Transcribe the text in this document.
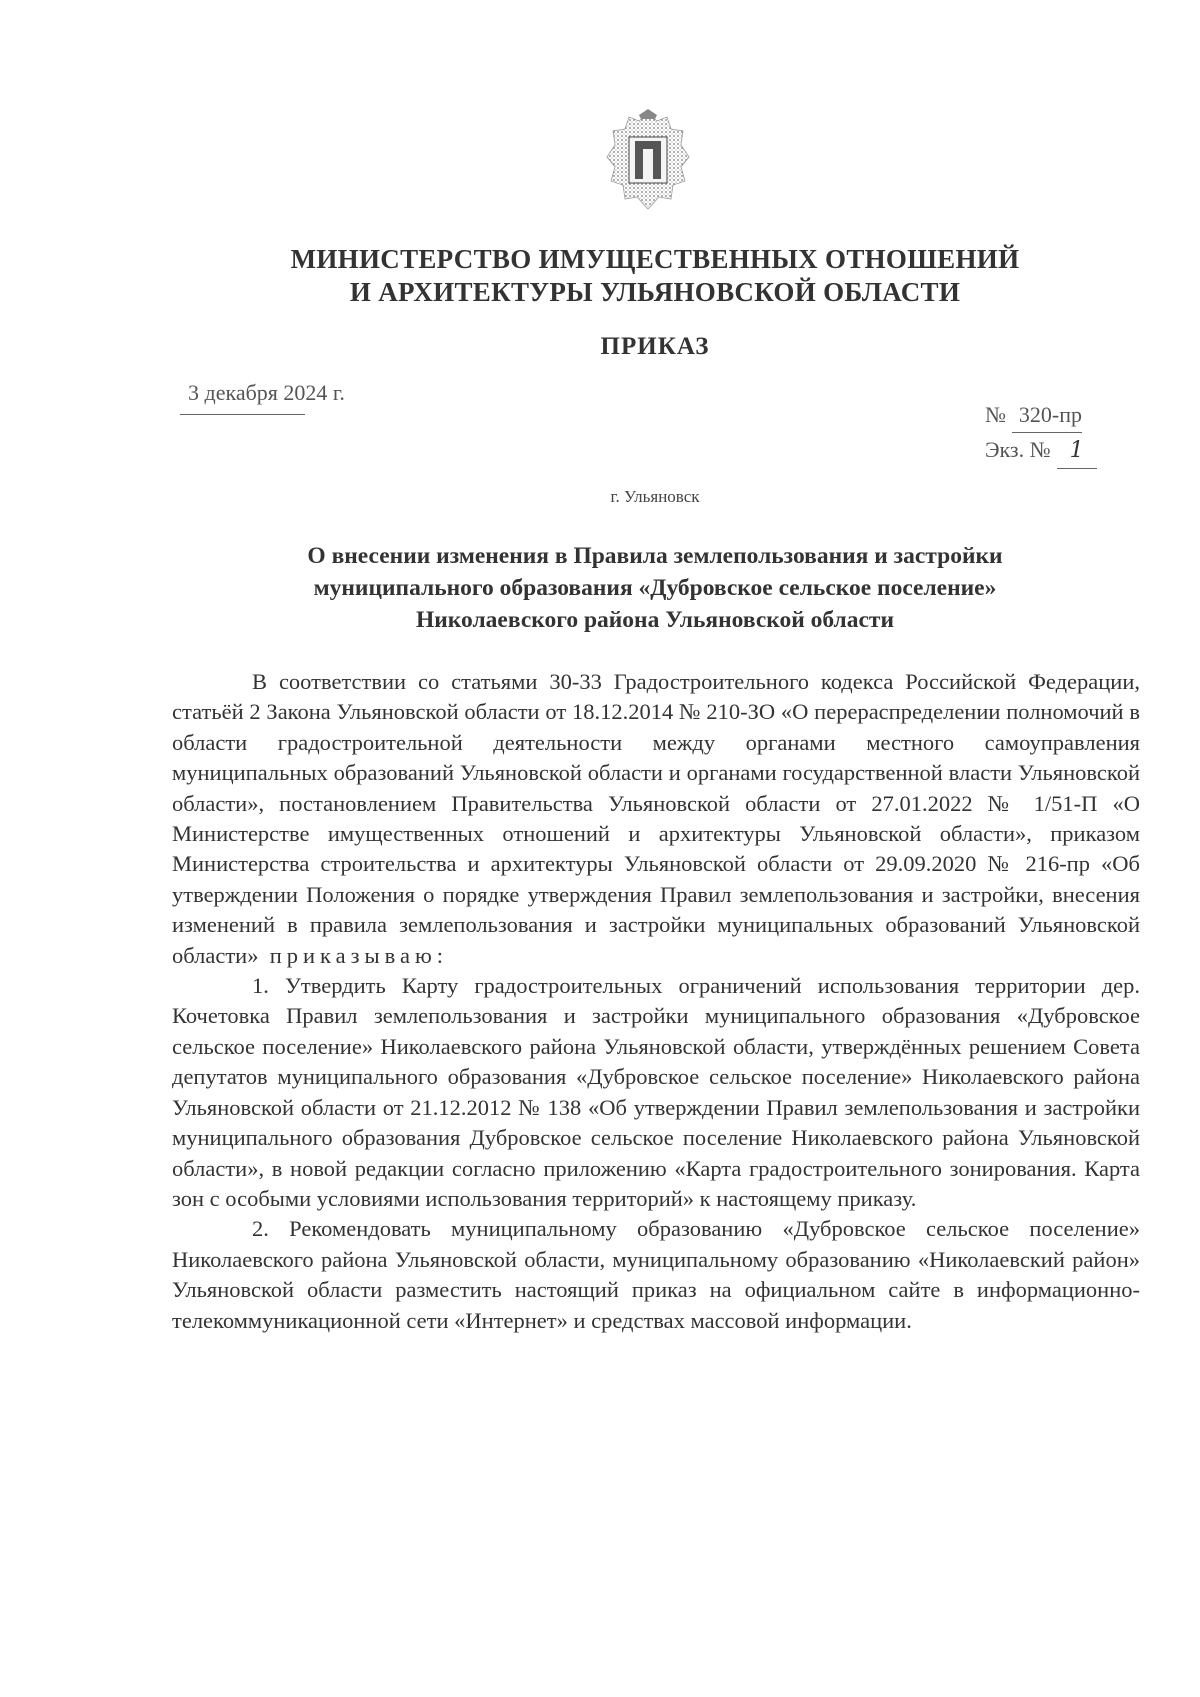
МИНИСТЕРСТВО ИМУЩЕСТВЕННЫХ ОТНОШЕНИЙ
И АРХИТЕКТУРЫ УЛЬЯНОВСКОЙ ОБЛАСТИ
ПРИКАЗ
3 декабря 2024 г.
№ 320-пр
Экз. № 1
г. Ульяновск
О внесении изменения в Правила землепользования и застройки
муниципального образования «Дубровское сельское поселение»
Николаевского района Ульяновской области

В соответствии со статьями 30-33 Градостроительного кодекса Российской Федерации, статьёй 2 Закона Ульяновской области от 18.12.2014 № 210-ЗО «О перераспределении полномочий в области градостроительной деятельности между органами местного самоуправления муниципальных образований Ульяновской области и органами государственной власти Ульяновской области», постановлением Правительства Ульяновской области от 27.01.2022 № 1/51-П «О Министерстве имущественных отношений и архитектуры Ульяновской области», приказом Министерства строительства и архитектуры Ульяновской области от 29.09.2020 № 216-пр «Об утверждении Положения о порядке утверждения Правил землепользования и застройки, внесения изменений в правила землепользования и застройки муниципальных образований Ульяновской области» приказываю:

1. Утвердить Карту градостроительных ограничений использования территории дер. Кочетовка Правил землепользования и застройки муниципального образования «Дубровское сельское поселение» Николаевского района Ульяновской области, утверждённых решением Совета депутатов муниципального образования «Дубровское сельское поселение» Николаевского района Ульяновской области от 21.12.2012 № 138 «Об утверждении Правил землепользования и застройки муниципального образования Дубровское сельское поселение Николаевского района Ульяновской области», в новой редакции согласно приложению «Карта градостроительного зонирования. Карта зон с особыми условиями использования территорий» к настоящему приказу.

2. Рекомендовать муниципальному образованию «Дубровское сельское поселение» Николаевского района Ульяновской области, муниципальному образованию «Николаевский район» Ульяновской области разместить настоящий приказ на официальном сайте в информационно-телекоммуникационной сети «Интернет» и средствах массовой информации.
